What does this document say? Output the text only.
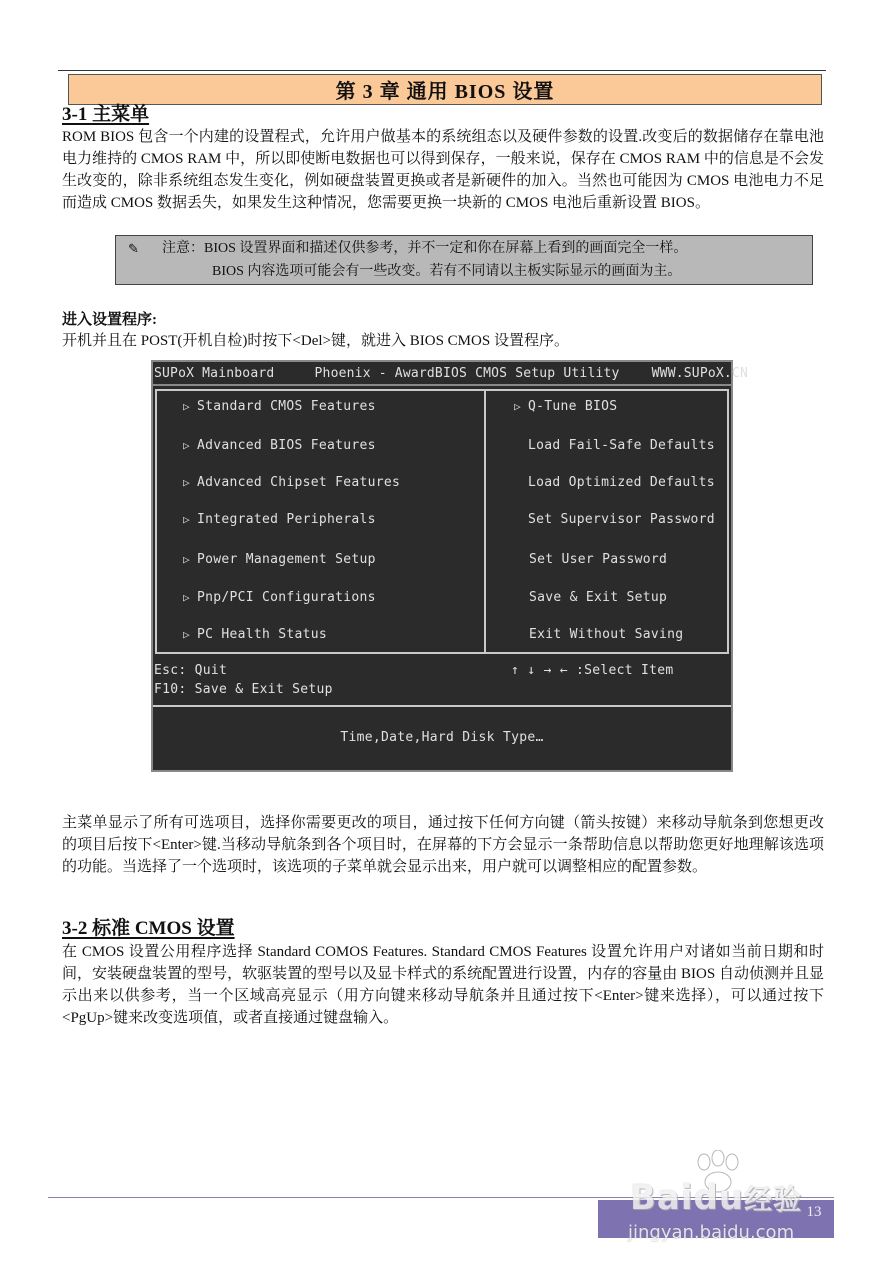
第 3 章 通用 BIOS 设置
3-1 主菜单
ROM BIOS 包含一个内建的设置程式，允许用户做基本的系统组态以及硬件参数的设置.改变后的数据储存在靠电池电力维持的 CMOS RAM 中，所以即使断电数据也可以得到保存，一般来说，保存在 CMOS RAM 中的信息是不会发生改变的，除非系统组态发生变化，例如硬盘装置更换或者是新硬件的加入。当然也可能因为 CMOS 电池电力不足而造成 CMOS 数据丢失，如果发生这种情况，您需要更换一块新的 CMOS 电池后重新设置 BIOS。
✎ 注意：BIOS 设置界面和描述仅供参考，并不一定和你在屏幕上看到的画面完全一样。
BIOS 内容选项可能会有一些改变。若有不同请以主板实际显示的画面为主。
进入设置程序:
开机并且在 POST(开机自检)时按下<Del>键，就进入 BIOS CMOS 设置程序。
SUPoX Mainboard     Phoenix - AwardBIOS CMOS Setup Utility    WWW.SUPoX.CN
▷ Standard CMOS Features
▷ Advanced BIOS Features
▷ Advanced Chipset Features
▷ Integrated Peripherals
▷ Power Management Setup
▷ Pnp/PCI Configurations
▷ PC Health Status
▷ Q-Tune BIOS
Load Fail-Safe Defaults
Load Optimized Defaults
Set Supervisor Password
Set User Password
Save & Exit Setup
Exit Without Saving
Esc: Quit
F10: Save & Exit Setup
↑ ↓ → ← :Select Item
Time,Date,Hard Disk Type…
主菜单显示了所有可选项目，选择你需要更改的项目，通过按下任何方向键（箭头按键）来移动导航条到您想更改的项目后按下<Enter>键.当移动导航条到各个项目时，在屏幕的下方会显示一条帮助信息以帮助您更好地理解该选项的功能。当选择了一个选项时，该选项的子菜单就会显示出来，用户就可以调整相应的配置参数。
3-2 标准 CMOS 设置
在 CMOS 设置公用程序选择 Standard COMOS Features. Standard CMOS Features 设置允许用户对诸如当前日期和时间，安装硬盘装置的型号，软驱装置的型号以及显卡样式的系统配置进行设置，内存的容量由 BIOS 自动侦测并且显示出来以供参考，当一个区域高亮显示（用方向键来移动导航条并且通过按下<Enter>键来选择），可以通过按下<PgUp>键来改变选项值，或者直接通过键盘输入。
13
Baidu经验
jingyan.baidu.com
